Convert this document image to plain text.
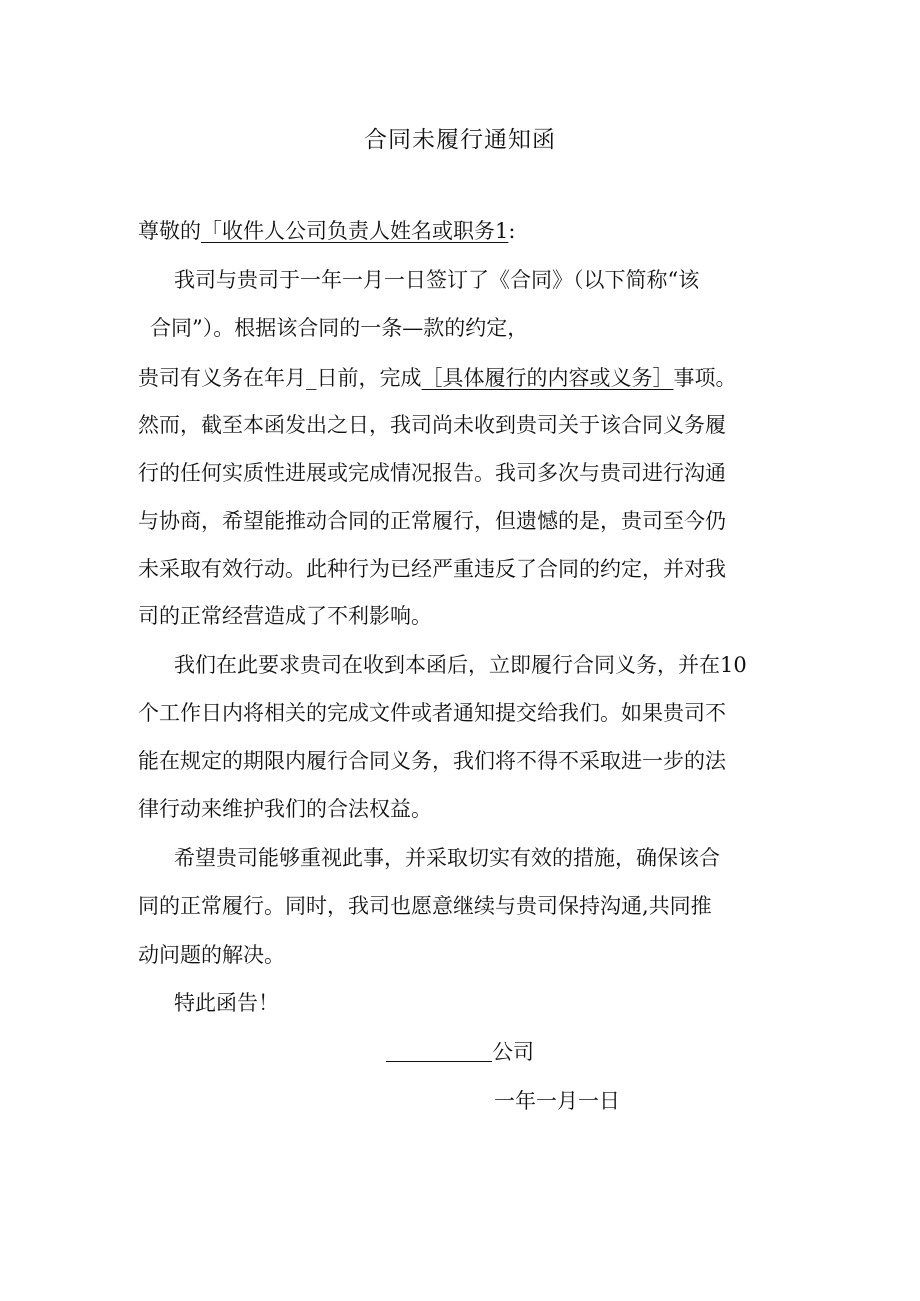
合同未履行通知函
尊敬的「收件人公司负责人姓名或职务1:
我司与贵司于一年一月一日签订了《合同》（以下简称“该
合同”）。根据该合同的一条—款的约定，
贵司有义务在年月_日前，完成［具体履行的内容或义务］事项。
然而，截至本函发出之日，我司尚未收到贵司关于该合同义务履
行的任何实质性进展或完成情况报告。我司多次与贵司进行沟通
与协商，希望能推动合同的正常履行，但遗憾的是，贵司至今仍
未采取有效行动。此种行为已经严重违反了合同的约定，并对我
司的正常经营造成了不利影响。
我们在此要求贵司在收到本函后，立即履行合同义务，并在10
个工作日内将相关的完成文件或者通知提交给我们。如果贵司不
能在规定的期限内履行合同义务，我们将不得不采取进一步的法
律行动来维护我们的合法权益。
希望贵司能够重视此事，并采取切实有效的措施，确保该合
同的正常履行。同时，我司也愿意继续与贵司保持沟通,共同推
动问题的解决。
特此函告！
公司
一年一月一日
